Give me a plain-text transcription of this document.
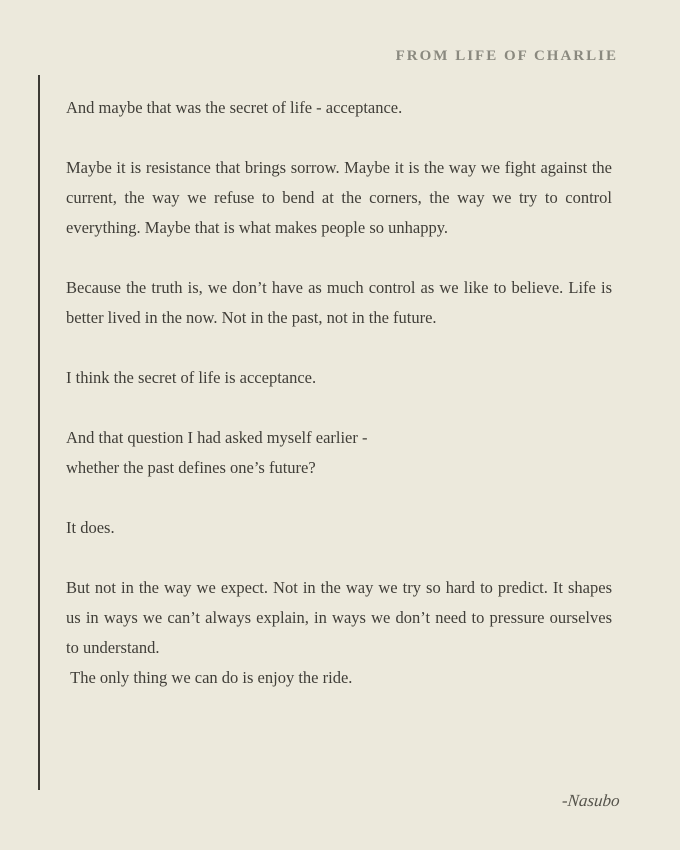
FROM LIFE OF CHARLIE

And maybe that was the secret of life - acceptance.

Maybe it is resistance that brings sorrow. Maybe it is the way we fight against the current, the way we refuse to bend at the corners, the way we try to control everything. Maybe that is what makes people so unhappy.

Because the truth is, we don’t have as much control as we like to believe. Life is better lived in the now. Not in the past, not in the future.

I think the secret of life is acceptance.

And that question I had asked myself earlier -
whether the past defines one’s future?

It does.

But not in the way we expect. Not in the way we try so hard to predict. It shapes us in ways we can’t always explain, in ways we don’t need to pressure ourselves to understand.
The only thing we can do is enjoy the ride.

-Nasubo
